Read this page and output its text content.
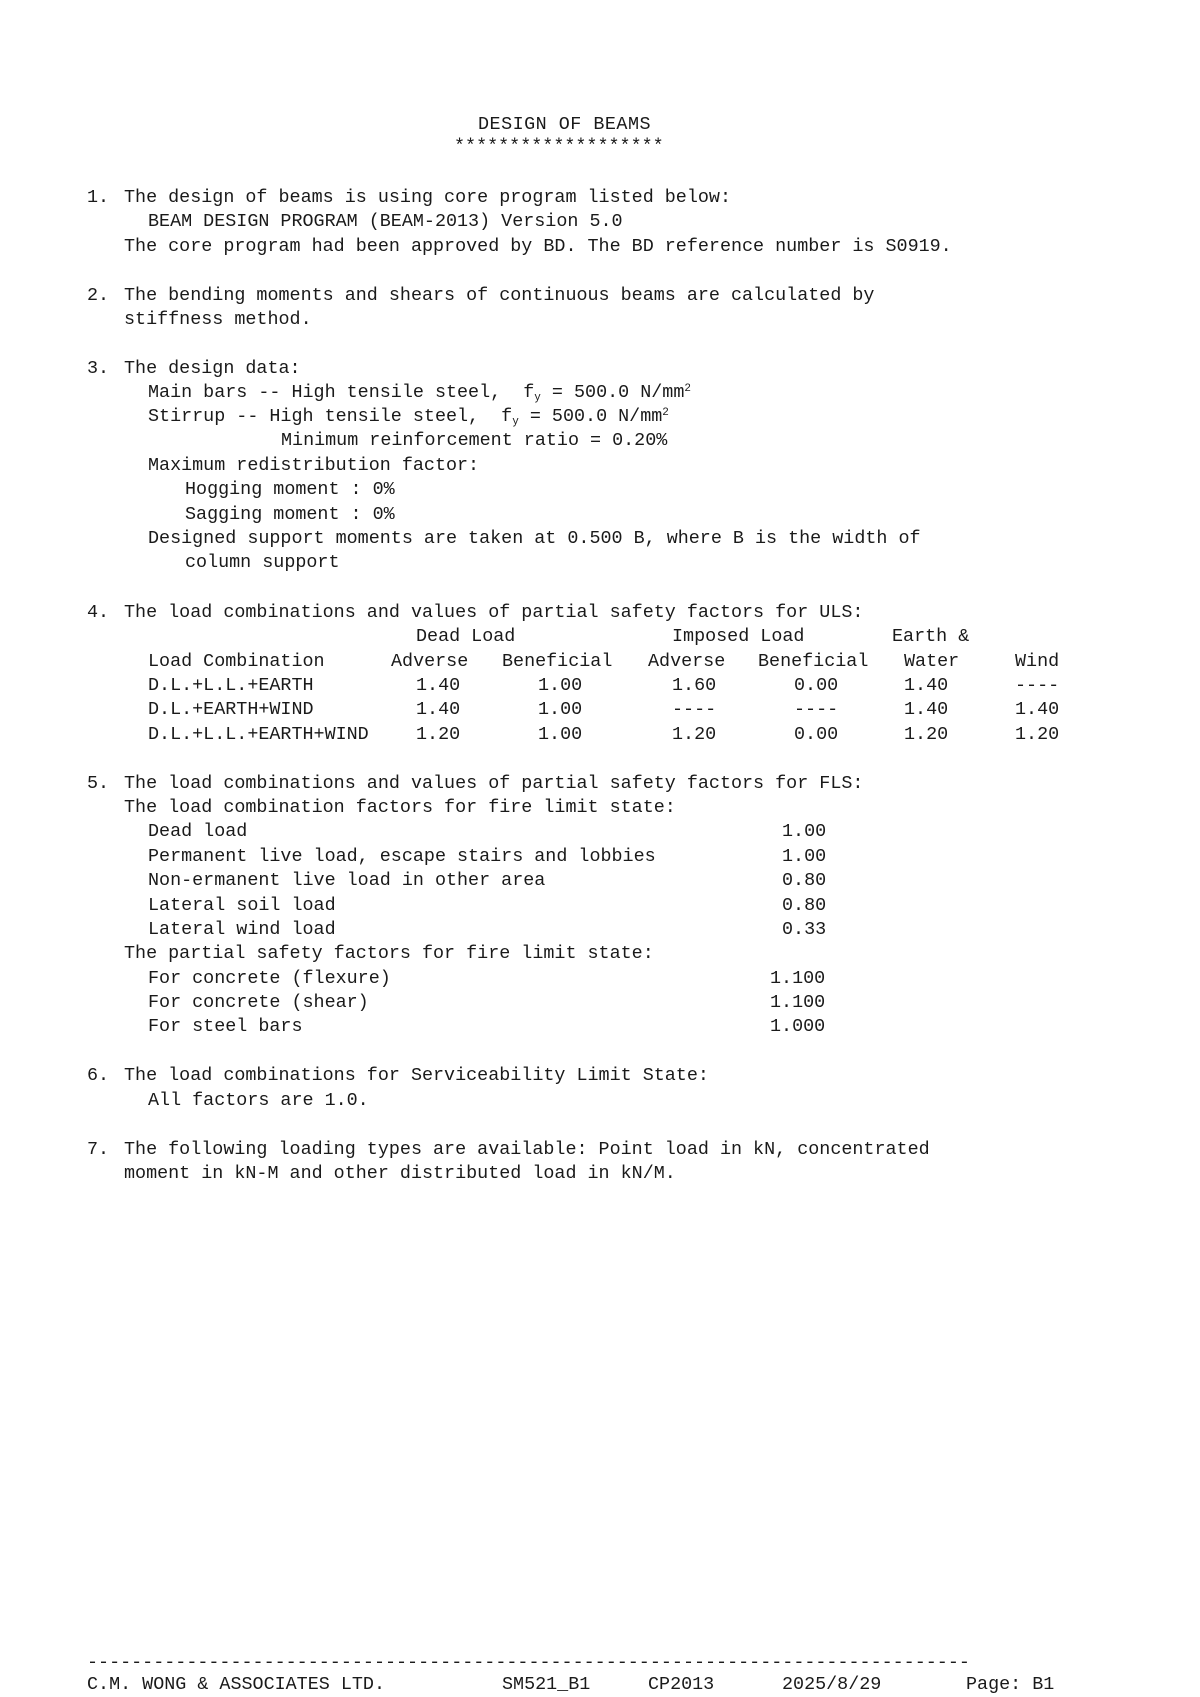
DESIGN OF BEAMS
*******************
1. The design of beams is using core program listed below:
BEAM DESIGN PROGRAM (BEAM-2013) Version 5.0
The core program had been approved by BD. The BD reference number is S0919.
2. The bending moments and shears of continuous beams are calculated by
stiffness method.
3. The design data:
Main bars -- High tensile steel,  $f_y = 500.0$ $N/mm^2$
Stirrup -- High tensile steel,  $f_y = 500.0$ $N/mm^2$
Minimum reinforcement ratio = 0.20%
Maximum redistribution factor:
Hogging moment : 0%
Sagging moment : 0%
Designed support moments are taken at 0.500 B, where B is the width of
column support
4. The load combinations and values of partial safety factors for ULS:
Dead Load	Imposed Load	Earth &
Load Combination	Adverse Beneficial Adverse Beneficial Water	Wind
D.L.+L.L.+EARTH	1.40	1.00	1.60	0.00	1.40	----
D.L.+EARTH+WIND	1.40	1.00	----	----	1.40	1.40
D.L.+L.L.+EARTH+WIND	1.20	1.00	1.20	0.00	1.20	1.20
5. The load combinations and values of partial safety factors for FLS:
The load combination factors for fire limit state:
Dead load	1.00
Permanent live load, escape stairs and lobbies	1.00
Non-ermanent live load in other area	0.80
Lateral soil load	0.80
Lateral wind load	0.33
The partial safety factors for fire limit state:
For concrete (flexure)	1.100
For concrete (shear)	1.100
For steel bars	1.000
6. The load combinations for Serviceability Limit State:
All factors are 1.0.
7. The following loading types are available: Point load in kN, concentrated
moment in kN-M and other distributed load in kN/M.
--------------------------------------------------------------------------------
C.M. WONG & ASSOCIATES LTD.	SM521_B1	CP2013	2025/8/29	Page: B1
